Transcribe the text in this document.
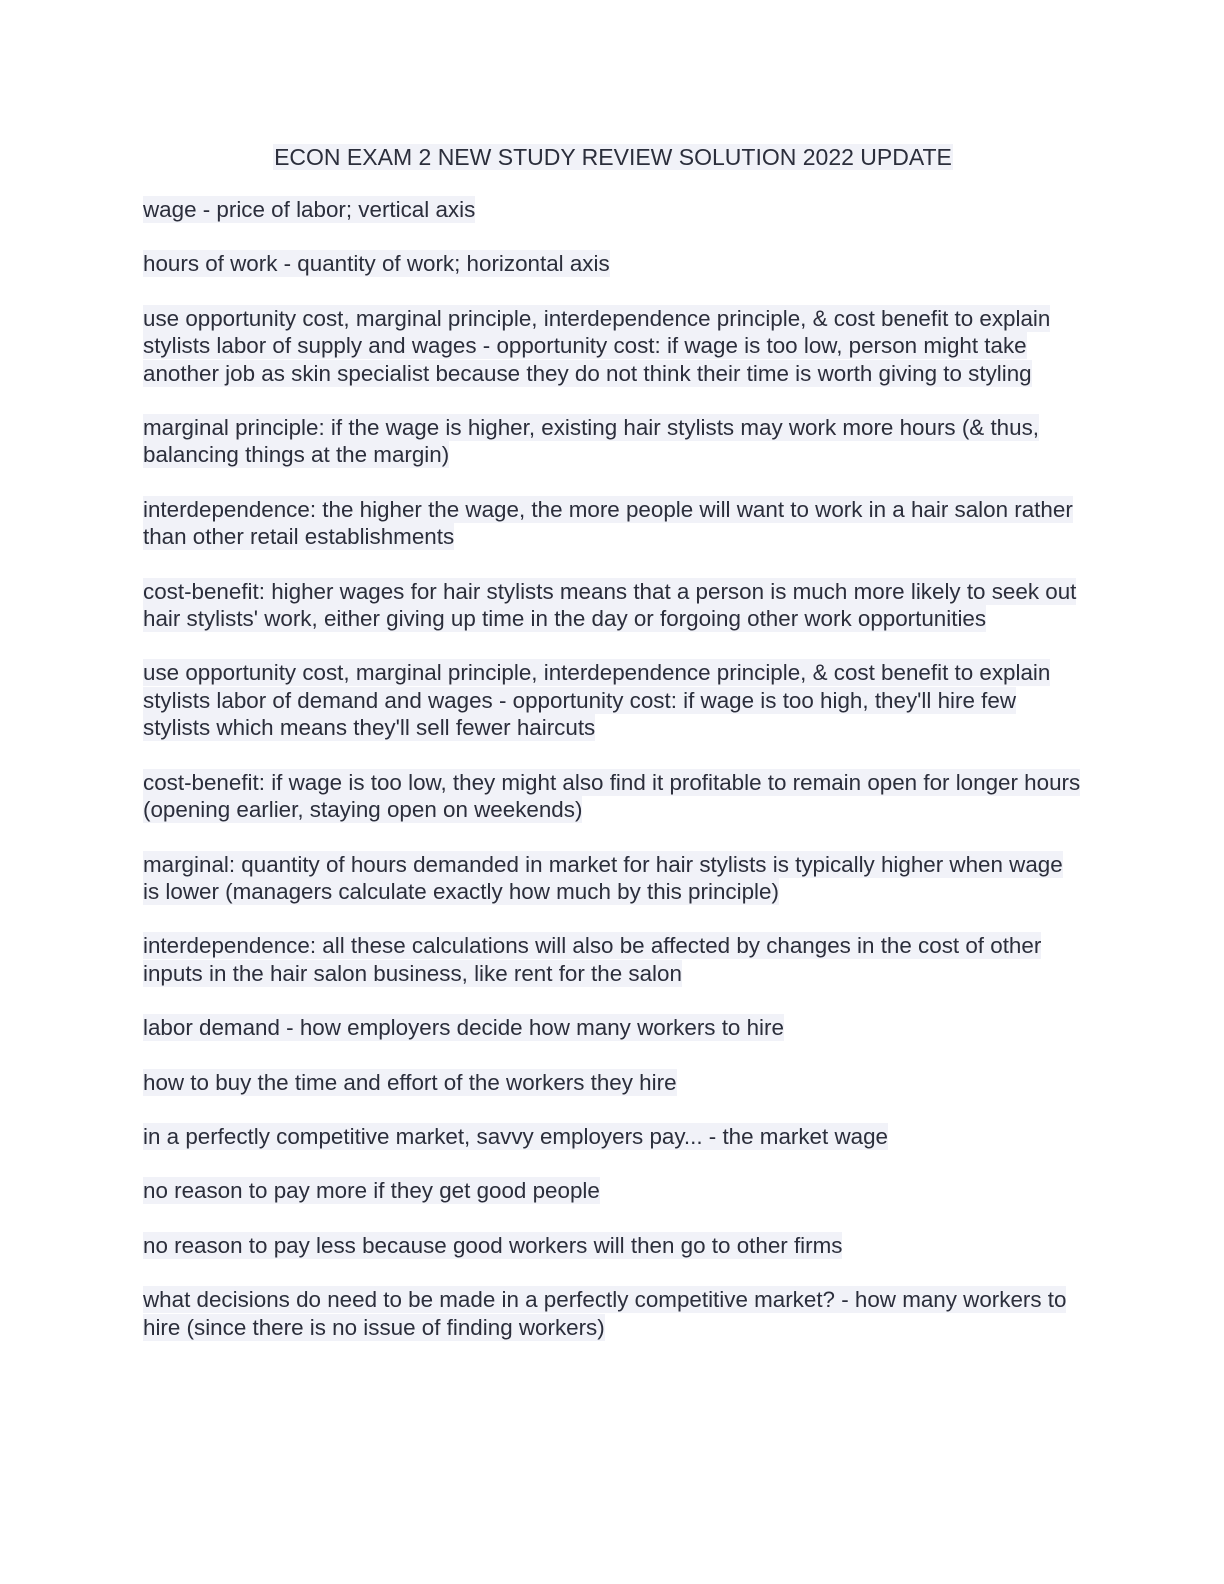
ECON EXAM 2 NEW STUDY REVIEW SOLUTION 2022 UPDATE

wage - price of labor; vertical axis

hours of work - quantity of work; horizontal axis

use opportunity cost, marginal principle, interdependence principle, & cost benefit to explain stylists labor of supply and wages - opportunity cost: if wage is too low, person might take another job as skin specialist because they do not think their time is worth giving to styling

marginal principle: if the wage is higher, existing hair stylists may work more hours (& thus, balancing things at the margin)

interdependence: the higher the wage, the more people will want to work in a hair salon rather than other retail establishments

cost-benefit: higher wages for hair stylists means that a person is much more likely to seek out hair stylists' work, either giving up time in the day or forgoing other work opportunities

use opportunity cost, marginal principle, interdependence principle, & cost benefit to explain stylists labor of demand and wages - opportunity cost: if wage is too high, they'll hire few stylists which means they'll sell fewer haircuts

cost-benefit: if wage is too low, they might also find it profitable to remain open for longer hours (opening earlier, staying open on weekends)

marginal: quantity of hours demanded in market for hair stylists is typically higher when wage is lower (managers calculate exactly how much by this principle)

interdependence: all these calculations will also be affected by changes in the cost of other inputs in the hair salon business, like rent for the salon

labor demand - how employers decide how many workers to hire

how to buy the time and effort of the workers they hire

in a perfectly competitive market, savvy employers pay... - the market wage

no reason to pay more if they get good people

no reason to pay less because good workers will then go to other firms

what decisions do need to be made in a perfectly competitive market? - how many workers to hire (since there is no issue of finding workers)
